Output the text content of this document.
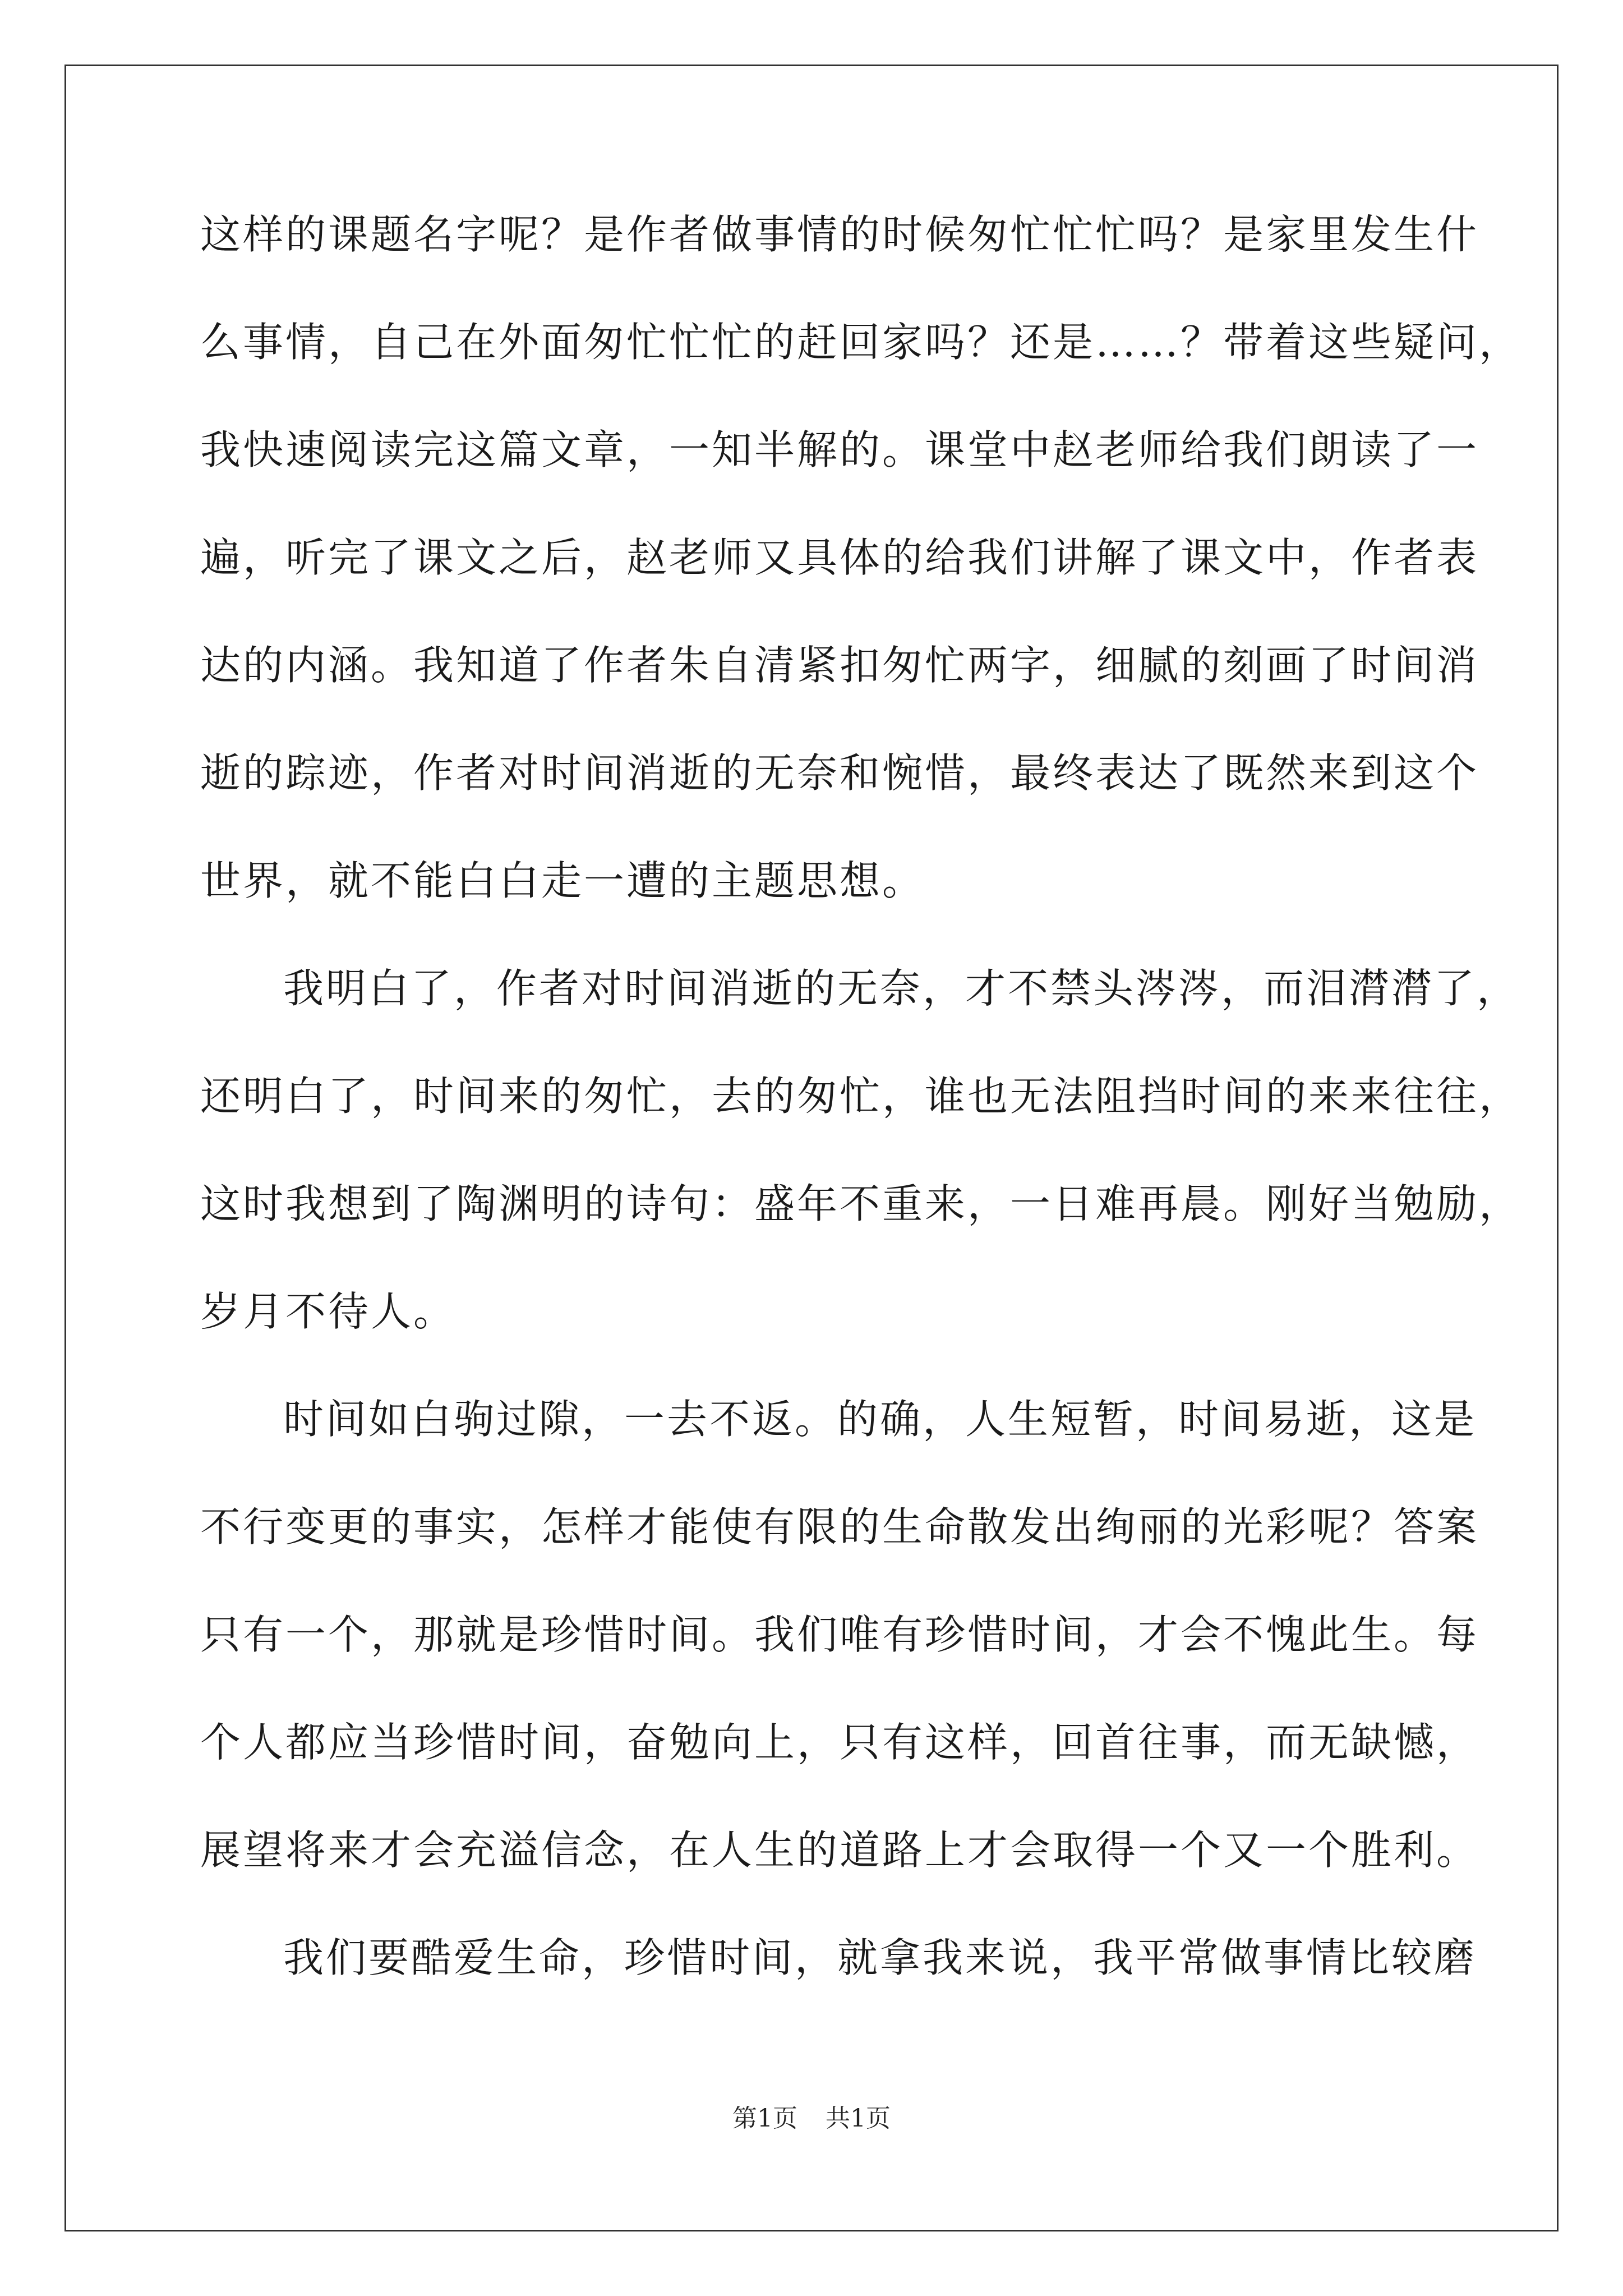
这样的课题名字呢？是作者做事情的时候匆忙忙忙吗？是家里发生什
么事情，自己在外面匆忙忙忙的赶回家吗？还是……？带着这些疑问，
我快速阅读完这篇文章，一知半解的。课堂中赵老师给我们朗读了一
遍，听完了课文之后，赵老师又具体的给我们讲解了课文中，作者表
达的内涵。我知道了作者朱自清紧扣匆忙两字，细腻的刻画了时间消
逝的踪迹，作者对时间消逝的无奈和惋惜，最终表达了既然来到这个
世界，就不能白白走一遭的主题思想。
我明白了，作者对时间消逝的无奈，才不禁头涔涔，而泪潸潸了，
还明白了，时间来的匆忙，去的匆忙，谁也无法阻挡时间的来来往往，
这时我想到了陶渊明的诗句：盛年不重来，一日难再晨。刚好当勉励，
岁月不待人。
时间如白驹过隙，一去不返。的确，人生短暂，时间易逝，这是
不行变更的事实，怎样才能使有限的生命散发出绚丽的光彩呢？答案
只有一个，那就是珍惜时间。我们唯有珍惜时间，才会不愧此生。每
个人都应当珍惜时间，奋勉向上，只有这样，回首往事，而无缺憾，
展望将来才会充溢信念，在人生的道路上才会取得一个又一个胜利。
我们要酷爱生命，珍惜时间，就拿我来说，我平常做事情比较磨
第1页 共1页
